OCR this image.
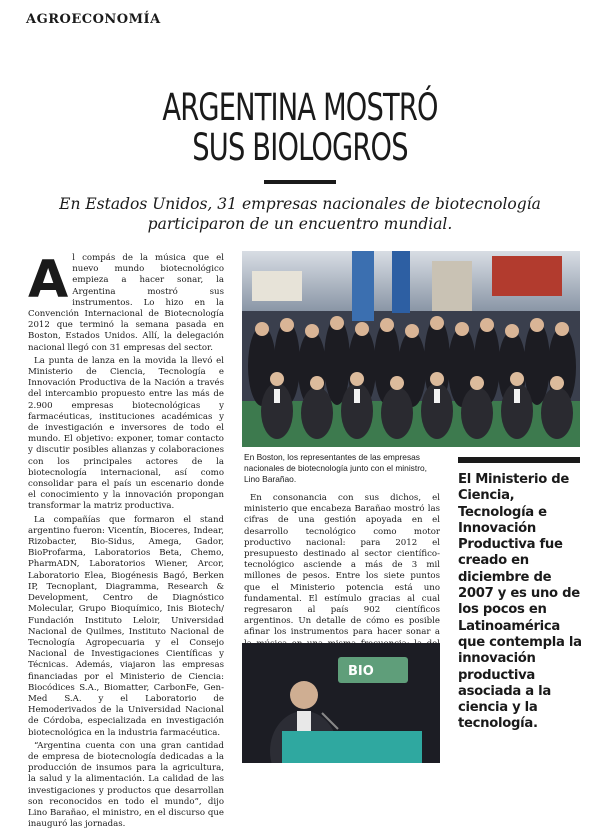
AGROECONOMÍA
ARGENTINA MOSTRÓ
SUS BIOLOGROS
En Estados Unidos, 31 empresas nacionales de biotecnología participaron de un encuentro mundial.

Al compás de la música que el nuevo mundo biotecnológico empieza a hacer sonar, la Argentina mostró sus instrumentos. Lo hizo en la Convención Internacional de Biotecnología 2012 que terminó la semana pasada en Boston, Estados Unidos. Allí, la delegación nacional llegó con 31 empresas del sector.

La punta de lanza en la movida la llevó el Ministerio de Ciencia, Tecnología e Innovación Productiva de la Nación a través del intercambio propuesto entre las más de 2.900 empresas biotecnológicas y farmacéuticas, instituciones académicas y de investigación e inversores de todo el mundo. El objetivo: exponer, tomar contacto y discutir posibles alianzas y colaboraciones con los principales actores de la biotecnología internacional, así como consolidar para el país un escenario donde el conocimiento y la innovación propongan transformar la matriz productiva.

La compañías que formaron el stand argentino fueron: Vicentín, Bioceres, Indear, Rizobacter, Bio-Sidus, Amega, Gador, BioProfarma, Laboratorios Beta, Chemo, PharmADN, Laboratorios Wiener, Arcor, Laboratorio Elea, Biogénesis Bagó, Berken IP, Tecnoplant, Diagramma, Research & Development, Centro de Diagnóstico Molecular, Grupo Bioquímico, Inis Biotech/ Fundación Instituto Leloir, Universidad Nacional de Quilmes, Instituto Nacional de Tecnología Agropecuaria y el Consejo Nacional de Investigaciones Científicas y Técnicas. Además, viajaron las empresas financiadas por el Ministerio de Ciencia: Biocódices S.A., Biomatter, CarbonFe, Gen-Med S.A. y el Laboratorio de Hemoderivados de la Universidad Nacional de Córdoba, especializada en investigación biotecnológica en la industria farmacéutica.

“Argentina cuenta con una gran cantidad de empresa de biotecnología dedicadas a la producción de insumos para la agricultura, la salud y la alimentación. La calidad de las investigaciones y productos que desarrollan son reconocidos en todo el mundo”, dijo Lino Barañao, el ministro, en el discurso que inauguró las jornadas.

En Boston, los representantes de las empresas nacionales de biotecnología junto con el ministro, Lino Barañao.

En consonancia con sus dichos, el ministerio que encabeza Barañao mostró las cifras de una gestión apoyada en el desarrollo tecnológico como motor productivo nacional: para 2012 el presupuesto destinado al sector científico- tecnológico asciende a más de 3 mil millones de pesos. Entre los siete puntos que el Ministerio potencia está uno fundamental. El estímulo gracias al cual regresaron al país 902 científicos argentinos. Un detalle de cómo es posible afinar los instrumentos para hacer sonar a

BIO
El Ministerio de Ciencia, Tecnología e Innovación Productiva fue creado en diciembre de 2007 y es uno de los pocos en Latinoamérica que contempla la innovación productiva asociada a la ciencia y la tecnología.
